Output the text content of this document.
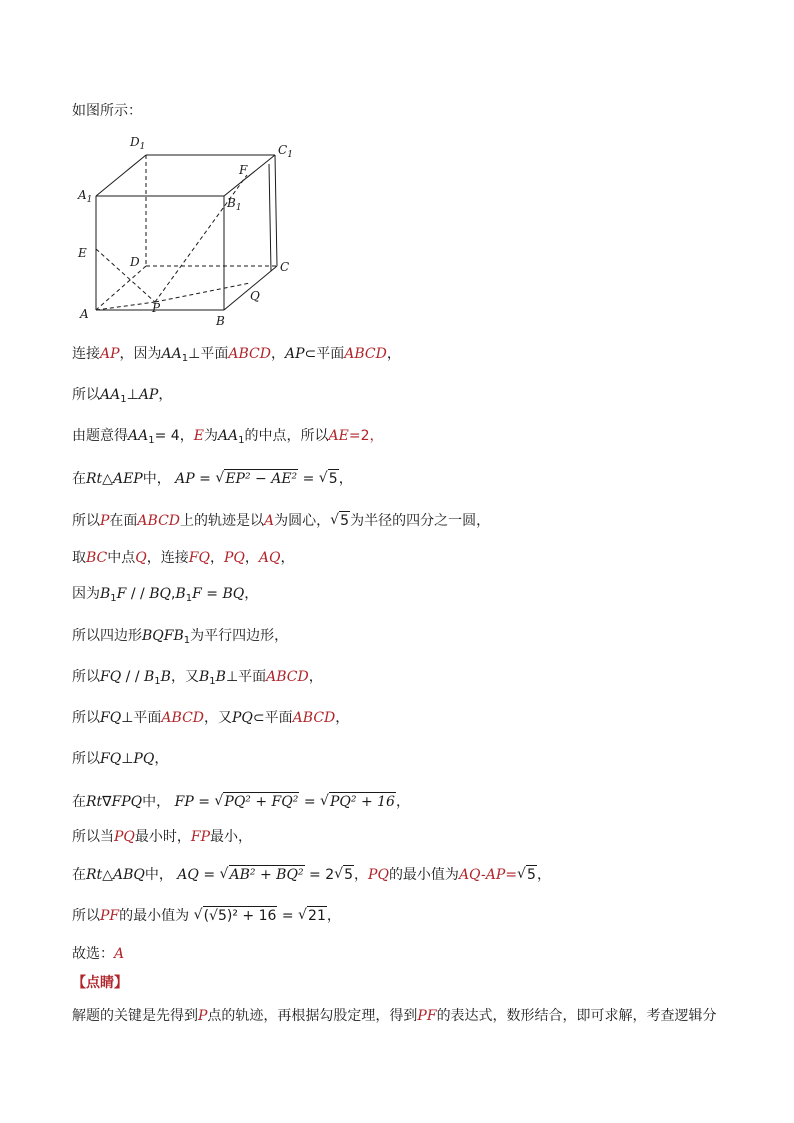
如图所示：
$D_1$	$C_1$
$A_1$	$B_1$
F
E
D	C
A	P
Q
B
连接AP，因为$AA_1\perp$平面ABCD，AP⊂平面ABCD，
所以$AA_1\perp AP$，
由题意得$AA_1= 4$，E为$AA_1$的中点，所以AE=2，
在Rt△AEP中， AP = √ EP² − AE² = √ 5，
所以P在面ABCD上的轨迹是以A为圆心， √ 5为半径的四分之一圆，
取BC中点Q，连接FQ，PQ，AQ，
因为$B_1F$ / / $BQ,B_1F$ = BQ，
所以四边形$BQFB_1$为平行四边形，
所以FQ / / $B_1B$，又$B_1B\perp$平面ABCD，
所以FQ⊥平面ABCD，又PQ⊂平面ABCD，
所以FQ⊥PQ，
在Rt∇FPQ中， FP = √ PQ² + FQ² = √ PQ² + 16，
所以当PQ最小时，FP最小，
在Rt△ABQ中， AQ = √ AB² + BQ² = 2 √ 5，PQ的最小值为AQ-AP= √ 5，
所以PF的最小值为 √ (√5)² + 16 = √ 21，
故选：A
【点睛】
解题的关键是先得到P点的轨迹，再根据勾股定理，得到PF的表达式，数形结合，即可求解，考查逻辑分
